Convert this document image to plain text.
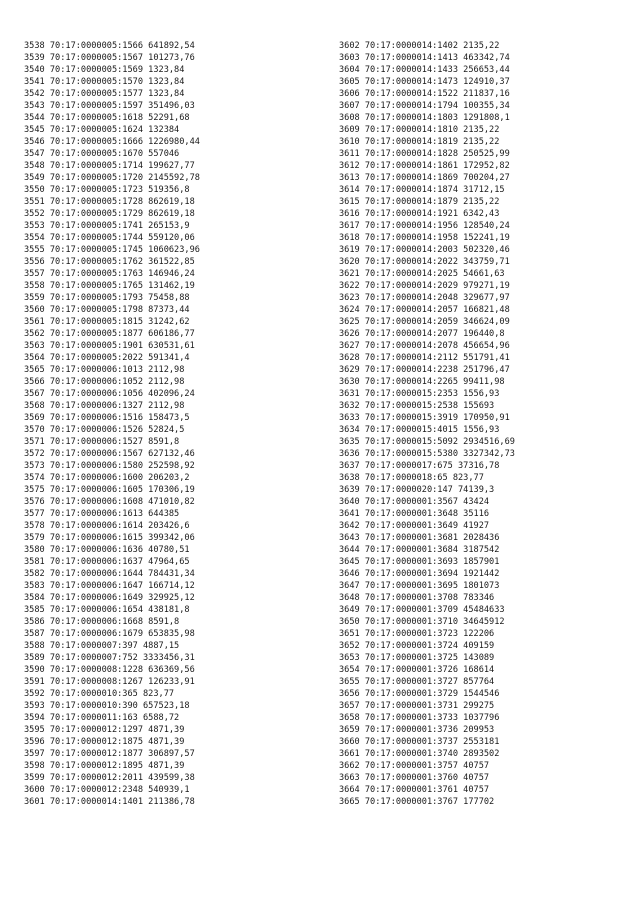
3538 70:17:0000005:1566 641892,54
3539 70:17:0000005:1567 101273,76
3540 70:17:0000005:1569 1323,84
3541 70:17:0000005:1570 1323,84
3542 70:17:0000005:1577 1323,84
3543 70:17:0000005:1597 351496,03
3544 70:17:0000005:1618 52291,68
3545 70:17:0000005:1624 132384
3546 70:17:0000005:1666 1226980,44
3547 70:17:0000005:1670 557046
3548 70:17:0000005:1714 199627,77
3549 70:17:0000005:1720 2145592,78
3550 70:17:0000005:1723 519356,8
3551 70:17:0000005:1728 862619,18
3552 70:17:0000005:1729 862619,18
3553 70:17:0000005:1741 265153,9
3554 70:17:0000005:1744 559120,06
3555 70:17:0000005:1745 1060623,96
3556 70:17:0000005:1762 361522,85
3557 70:17:0000005:1763 146946,24
3558 70:17:0000005:1765 131462,19
3559 70:17:0000005:1793 75458,88
3560 70:17:0000005:1798 87373,44
3561 70:17:0000005:1815 31242,62
3562 70:17:0000005:1877 606186,77
3563 70:17:0000005:1901 630531,61
3564 70:17:0000005:2022 591341,4
3565 70:17:0000006:1013 2112,98
3566 70:17:0000006:1052 2112,98
3567 70:17:0000006:1056 402096,24
3568 70:17:0000006:1327 2112,98
3569 70:17:0000006:1516 158473,5
3570 70:17:0000006:1526 52824,5
3571 70:17:0000006:1527 8591,8
3572 70:17:0000006:1567 627132,46
3573 70:17:0000006:1580 252598,92
3574 70:17:0000006:1600 206203,2
3575 70:17:0000006:1605 170306,19
3576 70:17:0000006:1608 471010,82
3577 70:17:0000006:1613 644385
3578 70:17:0000006:1614 203426,6
3579 70:17:0000006:1615 399342,06
3580 70:17:0000006:1636 40780,51
3581 70:17:0000006:1637 47964,65
3582 70:17:0000006:1644 784431,34
3583 70:17:0000006:1647 166714,12
3584 70:17:0000006:1649 329925,12
3585 70:17:0000006:1654 438181,8
3586 70:17:0000006:1668 8591,8
3587 70:17:0000006:1679 653835,98
3588 70:17:0000007:397 4887,15
3589 70:17:0000007:752 3333456,31
3590 70:17:0000008:1228 636369,56
3591 70:17:0000008:1267 126233,91
3592 70:17:0000010:365 823,77
3593 70:17:0000010:390 657523,18
3594 70:17:0000011:163 6588,72
3595 70:17:0000012:1297 4871,39
3596 70:17:0000012:1875 4871,39
3597 70:17:0000012:1877 306897,57
3598 70:17:0000012:1895 4871,39
3599 70:17:0000012:2011 439599,38
3600 70:17:0000012:2348 540939,1
3601 70:17:0000014:1401 211386,78
3602 70:17:0000014:1402 2135,22
3603 70:17:0000014:1413 463342,74
3604 70:17:0000014:1433 256653,44
3605 70:17:0000014:1473 124910,37
3606 70:17:0000014:1522 211837,16
3607 70:17:0000014:1794 100355,34
3608 70:17:0000014:1803 1291808,1
3609 70:17:0000014:1810 2135,22
3610 70:17:0000014:1819 2135,22
3611 70:17:0000014:1828 250525,99
3612 70:17:0000014:1861 172952,82
3613 70:17:0000014:1869 700204,27
3614 70:17:0000014:1874 31712,15
3615 70:17:0000014:1879 2135,22
3616 70:17:0000014:1921 6342,43
3617 70:17:0000014:1956 128540,24
3618 70:17:0000014:1958 152241,19
3619 70:17:0000014:2003 502320,46
3620 70:17:0000014:2022 343759,71
3621 70:17:0000014:2025 54661,63
3622 70:17:0000014:2029 979271,19
3623 70:17:0000014:2048 329677,97
3624 70:17:0000014:2057 166821,48
3625 70:17:0000014:2059 346624,09
3626 70:17:0000014:2077 196440,8
3627 70:17:0000014:2078 456654,96
3628 70:17:0000014:2112 551791,41
3629 70:17:0000014:2238 251796,47
3630 70:17:0000014:2265 99411,98
3631 70:17:0000015:2353 1556,93
3632 70:17:0000015:2538 155693
3633 70:17:0000015:3919 170950,91
3634 70:17:0000015:4015 1556,93
3635 70:17:0000015:5092 2934516,69
3636 70:17:0000015:5380 3327342,73
3637 70:17:0000017:675 37316,78
3638 70:17:0000018:65 823,77
3639 70:17:0000020:147 74139,3
3640 70:17:0000001:3567 43424
3641 70:17:0000001:3648 35116
3642 70:17:0000001:3649 41927
3643 70:17:0000001:3681 2028436
3644 70:17:0000001:3684 3187542
3645 70:17:0000001:3693 1857901
3646 70:17:0000001:3694 1921442
3647 70:17:0000001:3695 1801073
3648 70:17:0000001:3708 783346
3649 70:17:0000001:3709 45484633
3650 70:17:0000001:3710 34645912
3651 70:17:0000001:3723 122206
3652 70:17:0000001:3724 409159
3653 70:17:0000001:3725 143089
3654 70:17:0000001:3726 168614
3655 70:17:0000001:3727 857764
3656 70:17:0000001:3729 1544546
3657 70:17:0000001:3731 299275
3658 70:17:0000001:3733 1037796
3659 70:17:0000001:3736 209953
3660 70:17:0000001:3737 2553181
3661 70:17:0000001:3740 2893502
3662 70:17:0000001:3757 40757
3663 70:17:0000001:3760 40757
3664 70:17:0000001:3761 40757
3665 70:17:0000001:3767 177702
